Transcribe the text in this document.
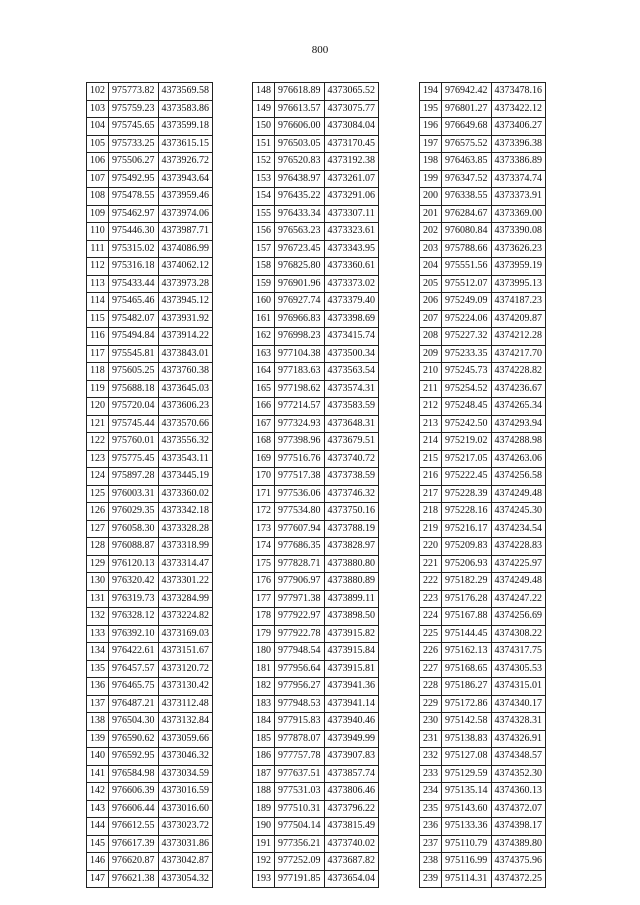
800
102	975773.82	4373569.58
103	975759.23	4373583.86
104	975745.65	4373599.18
105	975733.25	4373615.15
106	975506.27	4373926.72
107	975492.95	4373943.64
108	975478.55	4373959.46
109	975462.97	4373974.06
110	975446.30	4373987.71
111	975315.02	4374086.99
112	975316.18	4374062.12
113	975433.44	4373973.28
114	975465.46	4373945.12
115	975482.07	4373931.92
116	975494.84	4373914.22
117	975545.81	4373843.01
118	975605.25	4373760.38
119	975688.18	4373645.03
120	975720.04	4373606.23
121	975745.44	4373570.66
122	975760.01	4373556.32
123	975775.45	4373543.11
124	975897.28	4373445.19
125	976003.31	4373360.02
126	976029.35	4373342.18
127	976058.30	4373328.28
128	976088.87	4373318.99
129	976120.13	4373314.47
130	976320.42	4373301.22
131	976319.73	4373284.99
132	976328.12	4373224.82
133	976392.10	4373169.03
134	976422.61	4373151.67
135	976457.57	4373120.72
136	976465.75	4373130.42
137	976487.21	4373112.48
138	976504.30	4373132.84
139	976590.62	4373059.66
140	976592.95	4373046.32
141	976584.98	4373034.59
142	976606.39	4373016.59
143	976606.44	4373016.60
144	976612.55	4373023.72
145	976617.39	4373031.86
146	976620.87	4373042.87
147	976621.38	4373054.32
148	976618.89	4373065.52
149	976613.57	4373075.77
150	976606.00	4373084.04
151	976503.05	4373170.45
152	976520.83	4373192.38
153	976438.97	4373261.07
154	976435.22	4373291.06
155	976433.34	4373307.11
156	976563.23	4373323.61
157	976723.45	4373343.95
158	976825.80	4373360.61
159	976901.96	4373373.02
160	976927.74	4373379.40
161	976966.83	4373398.69
162	976998.23	4373415.74
163	977104.38	4373500.34
164	977183.63	4373563.54
165	977198.62	4373574.31
166	977214.57	4373583.59
167	977324.93	4373648.31
168	977398.96	4373679.51
169	977516.76	4373740.72
170	977517.38	4373738.59
171	977536.06	4373746.32
172	977534.80	4373750.16
173	977607.94	4373788.19
174	977686.35	4373828.97
175	977828.71	4373880.80
176	977906.97	4373880.89
177	977971.38	4373899.11
178	977922.97	4373898.50
179	977922.78	4373915.82
180	977948.54	4373915.84
181	977956.64	4373915.81
182	977956.27	4373941.36
183	977948.53	4373941.14
184	977915.83	4373940.46
185	977878.07	4373949.99
186	977757.78	4373907.83
187	977637.51	4373857.74
188	977531.03	4373806.46
189	977510.31	4373796.22
190	977504.14	4373815.49
191	977356.21	4373740.02
192	977252.09	4373687.82
193	977191.85	4373654.04
194	976942.42	4373478.16
195	976801.27	4373422.12
196	976649.68	4373406.27
197	976575.52	4373396.38
198	976463.85	4373386.89
199	976347.52	4373374.74
200	976338.55	4373373.91
201	976284.67	4373369.00
202	976080.84	4373390.08
203	975788.66	4373626.23
204	975551.56	4373959.19
205	975512.07	4373995.13
206	975249.09	4374187.23
207	975224.06	4374209.87
208	975227.32	4374212.28
209	975233.35	4374217.70
210	975245.73	4374228.82
211	975254.52	4374236.67
212	975248.45	4374265.34
213	975242.50	4374293.94
214	975219.02	4374288.98
215	975217.05	4374263.06
216	975222.45	4374256.58
217	975228.39	4374249.48
218	975228.16	4374245.30
219	975216.17	4374234.54
220	975209.83	4374228.83
221	975206.93	4374225.97
222	975182.29	4374249.48
223	975176.28	4374247.22
224	975167.88	4374256.69
225	975144.45	4374308.22
226	975162.13	4374317.75
227	975168.65	4374305.53
228	975186.27	4374315.01
229	975172.86	4374340.17
230	975142.58	4374328.31
231	975138.83	4374326.91
232	975127.08	4374348.57
233	975129.59	4374352.30
234	975135.14	4374360.13
235	975143.60	4374372.07
236	975133.36	4374398.17
237	975110.79	4374389.80
238	975116.99	4374375.96
239	975114.31	4374372.25
